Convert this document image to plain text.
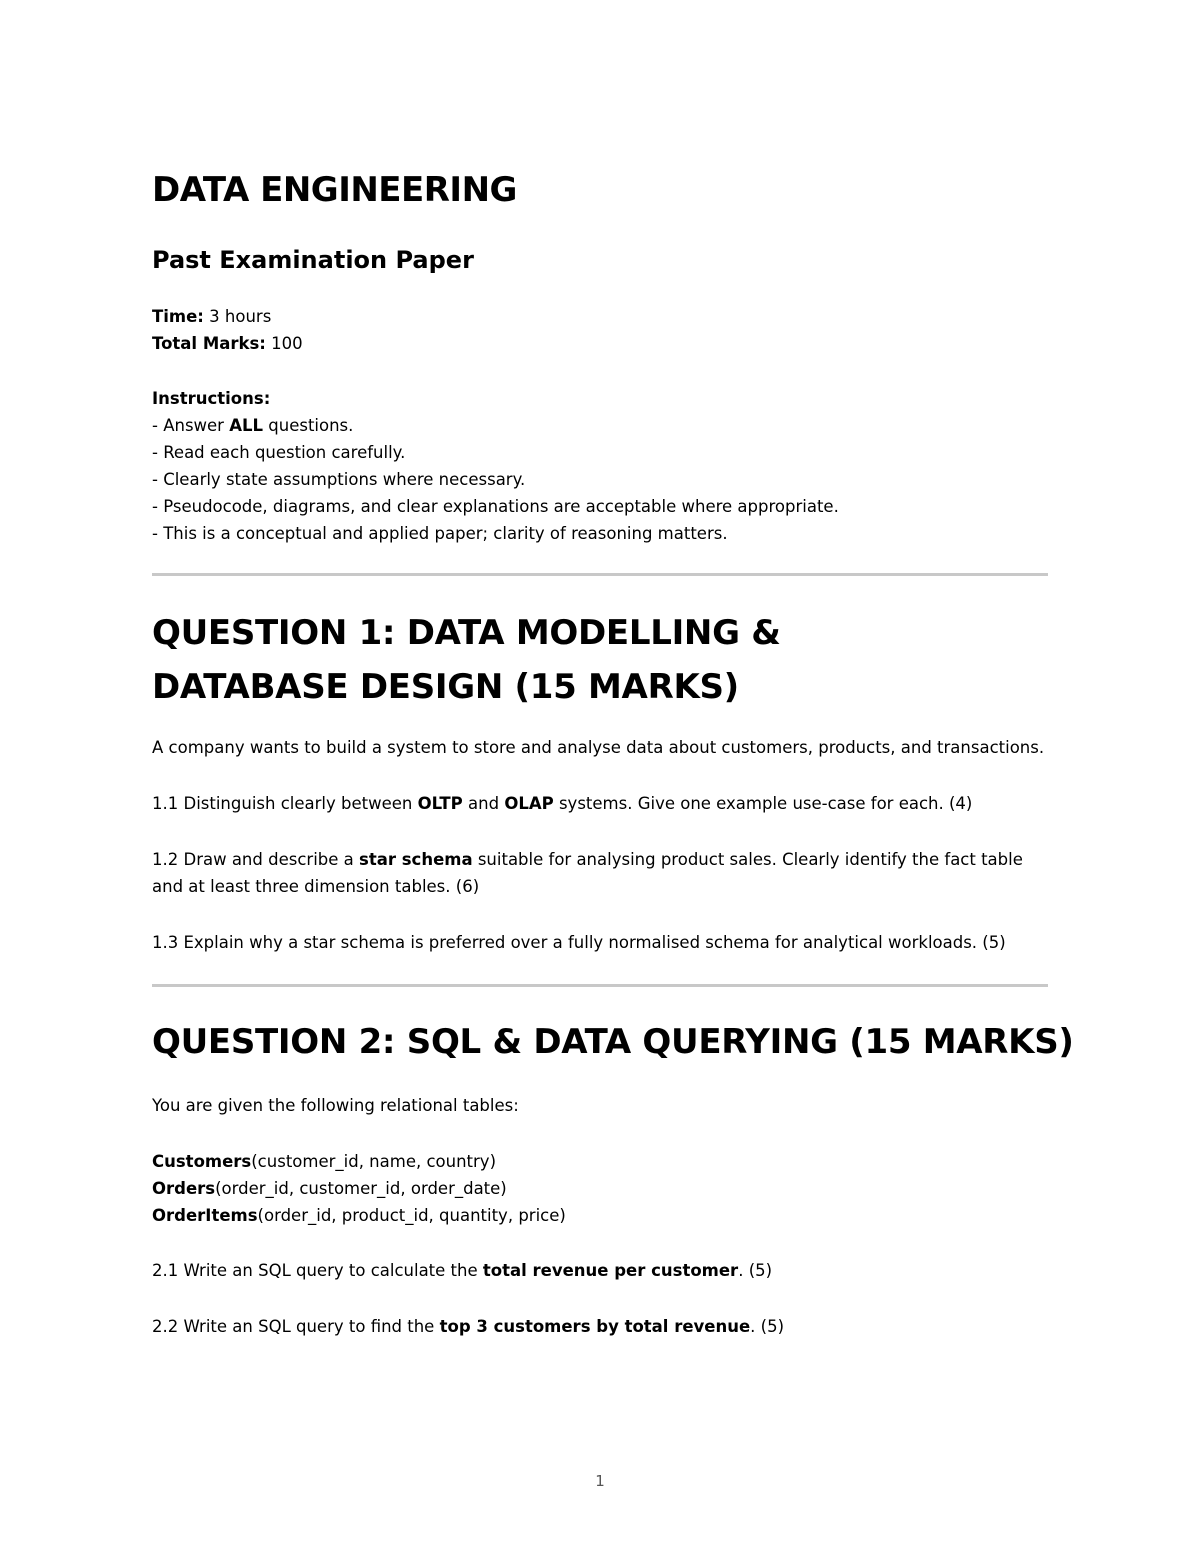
DATA ENGINEERING
Past Examination Paper
Time: 3 hours
Total Marks: 100
Instructions:
- Answer ALL questions.
- Read each question carefully.
- Clearly state assumptions where necessary.
- Pseudocode, diagrams, and clear explanations are acceptable where appropriate.
- This is a conceptual and applied paper; clarity of reasoning matters.
QUESTION 1: DATA MODELLING & DATABASE DESIGN (15 MARKS)

A company wants to build a system to store and analyse data about customers, products, and transactions.

1.1 Distinguish clearly between OLTP and OLAP systems. Give one example use-case for each. (4)

1.2 Draw and describe a star schema suitable for analysing product sales. Clearly identify the fact table and at least three dimension tables. (6)

1.3 Explain why a star schema is preferred over a fully normalised schema for analytical workloads. (5)

QUESTION 2: SQL & DATA QUERYING (15 MARKS)

You are given the following relational tables:

Customers(customer_id, name, country)
Orders(order_id, customer_id, order_date)
OrderItems(order_id, product_id, quantity, price)

2.1 Write an SQL query to calculate the total revenue per customer. (5)

2.2 Write an SQL query to find the top 3 customers by total revenue. (5)

1
